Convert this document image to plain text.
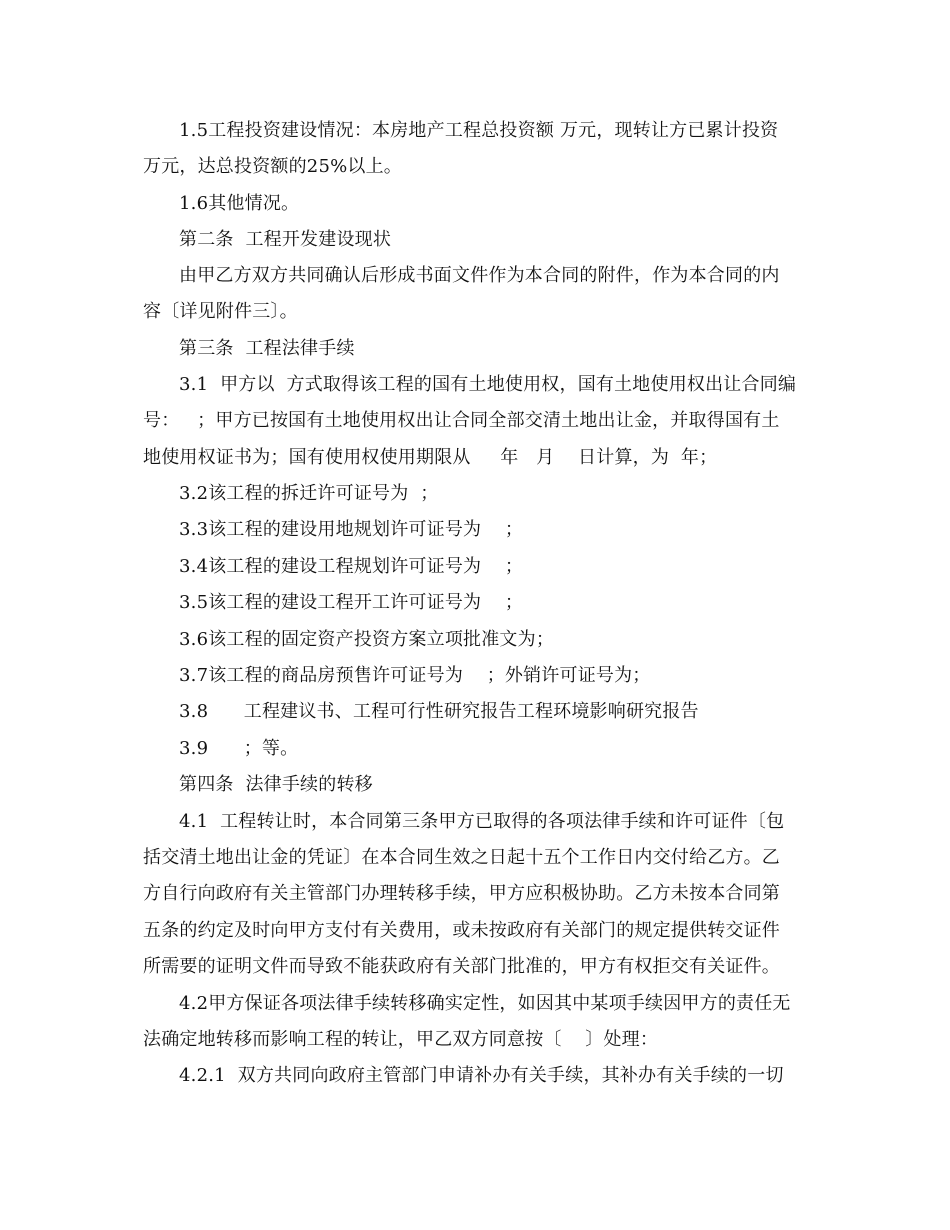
1.5工程投资建设情况：本房地产工程总投资额 万元，现转让方已累计投资
万元，达总投资额的25%以上。
1.6其他情况。
第二条  工程开发建设现状
由甲乙方双方共同确认后形成书面文件作为本合同的附件，作为本合同的内
容〔详见附件三〕。
第三条  工程法律手续
3.1  甲方以  方式取得该工程的国有土地使用权，国有土地使用权出让合同编
号：   ；甲方已按国有土地使用权出让合同全部交清土地出让金，并取得国有土
地使用权证书为；国有使用权使用期限从     年   月    日计算，为  年；
3.2该工程的拆迁许可证号为  ；
3.3该工程的建设用地规划许可证号为    ；
3.4该工程的建设工程规划许可证号为    ；
3.5该工程的建设工程开工许可证号为    ；
3.6该工程的固定资产投资方案立项批准文为；
3.7该工程的商品房预售许可证号为    ；外销许可证号为；
3.8      工程建议书、工程可行性研究报告工程环境影响研究报告
3.9      ；等。
第四条  法律手续的转移
4.1  工程转让时，本合同第三条甲方已取得的各项法律手续和许可证件〔包
括交清土地出让金的凭证〕在本合同生效之日起十五个工作日内交付给乙方。乙
方自行向政府有关主管部门办理转移手续，甲方应积极协助。乙方未按本合同第
五条的约定及时向甲方支付有关费用，或未按政府有关部门的规定提供转交证件
所需要的证明文件而导致不能获政府有关部门批准的，甲方有权拒交有关证件。
4.2甲方保证各项法律手续转移确实定性，如因其中某项手续因甲方的责任无
法确定地转移而影响工程的转让，甲乙双方同意按〔    〕处理：
4.2.1  双方共同向政府主管部门申请补办有关手续，其补办有关手续的一切
